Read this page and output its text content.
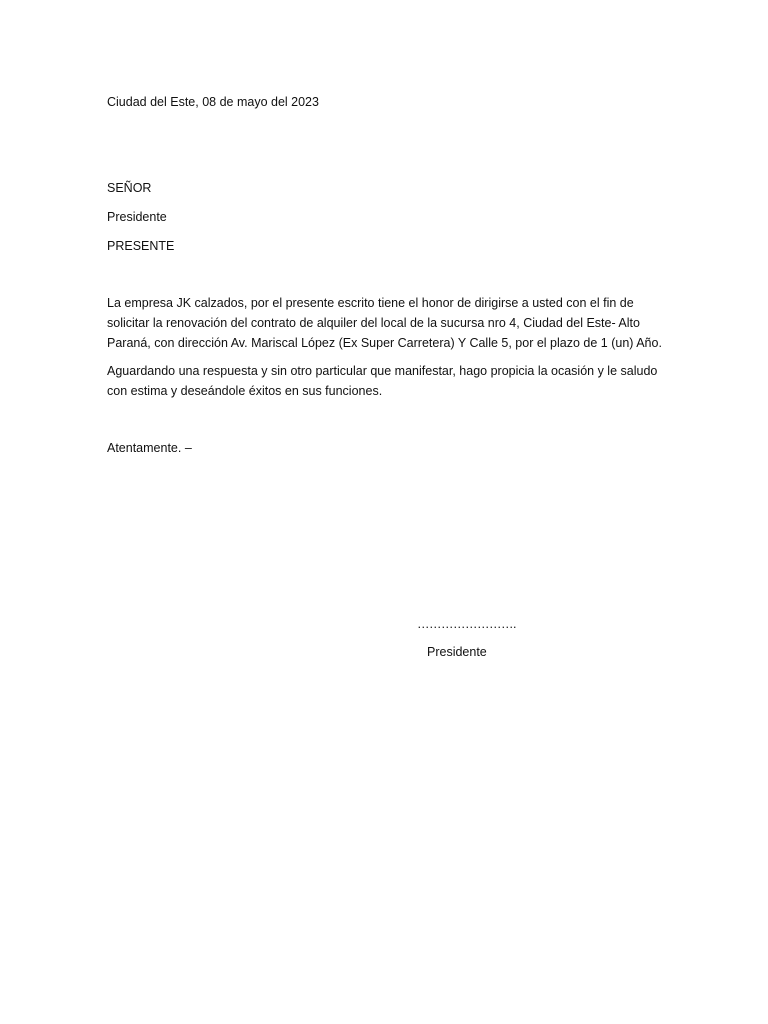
Ciudad del Este, 08 de mayo del 2023
SEÑOR
Presidente
PRESENTE
La empresa JK calzados, por el presente escrito tiene el honor de dirigirse a usted con el fin de
solicitar la renovación del contrato de alquiler del local de la sucursa nro 4, Ciudad del Este- Alto
Paraná, con dirección Av. Mariscal López (Ex Super Carretera) Y Calle 5, por el plazo de 1 (un) Año.
Aguardando una respuesta y sin otro particular que manifestar, hago propicia la ocasión y le saludo
con estima y deseándole éxitos en sus funciones.
Atentamente. –
…………………….
Presidente
